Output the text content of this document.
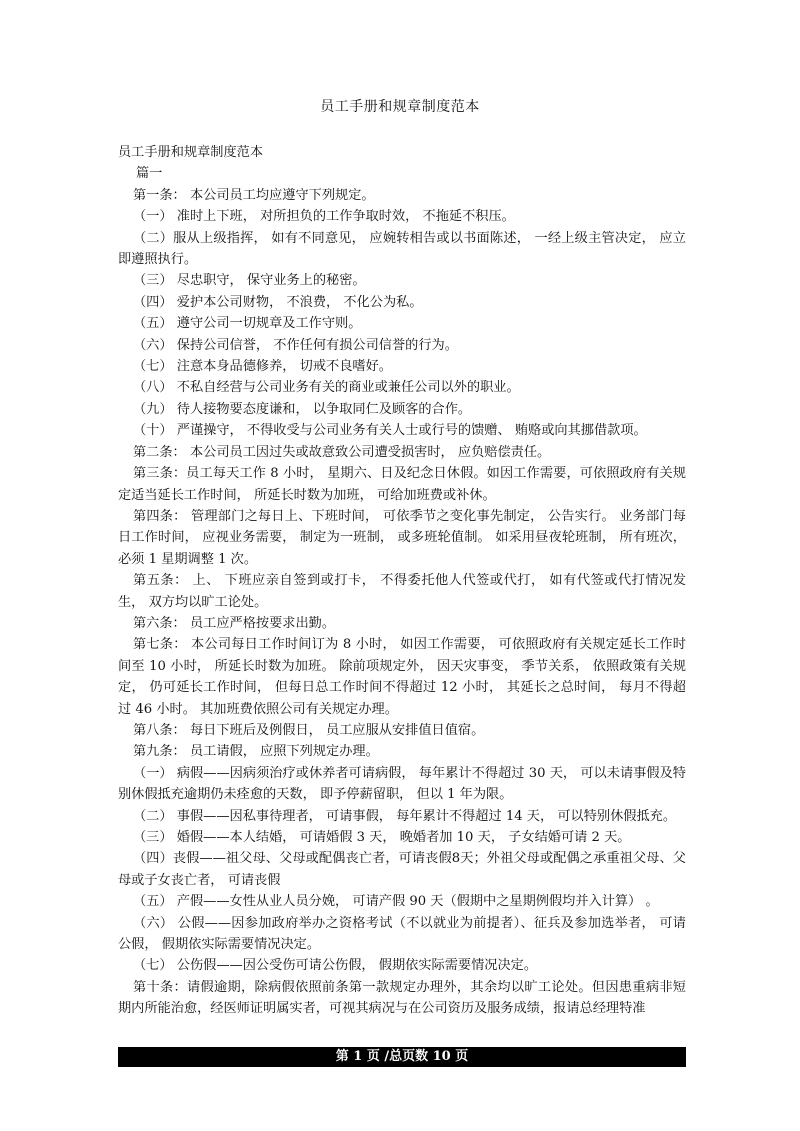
员工手册和规章制度范本

员工手册和规章制度范本

篇一

第一条： 本公司员工均应遵守下列规定。

（一） 准时上下班， 对所担负的工作争取时效， 不拖延不积压。

（二）服从上级指挥， 如有不同意见， 应婉转相告或以书面陈述， 一经上级主管决定， 应立即遵照执行。

（三） 尽忠职守， 保守业务上的秘密。

（四） 爱护本公司财物， 不浪费， 不化公为私。

（五） 遵守公司一切规章及工作守则。

（六） 保持公司信誉， 不作任何有损公司信誉的行为。

（七） 注意本身品德修养， 切戒不良嗜好。

（八） 不私自经营与公司业务有关的商业或兼任公司以外的职业。

（九） 待人接物要态度谦和， 以争取同仁及顾客的合作。

（十） 严谨操守， 不得收受与公司业务有关人士或行号的馈赠、 贿赂或向其挪借款项。

第二条： 本公司员工因过失或故意致公司遭受损害时， 应负赔偿责任。

第三条：员工每天工作 8 小时， 星期六、日及纪念日休假。如因工作需要，可依照政府有关规定适当延长工作时间， 所延长时数为加班， 可给加班费或补休。

第四条： 管理部门之每日上、下班时间， 可依季节之变化事先制定， 公告实行。 业务部门每日工作时间， 应视业务需要， 制定为一班制， 或多班轮值制。 如采用昼夜轮班制， 所有班次， 必须 1 星期调整 1 次。

第五条： 上、 下班应亲自签到或打卡， 不得委托他人代签或代打， 如有代签或代打情况发生， 双方均以旷工论处。

第六条： 员工应严格按要求出勤。

第七条： 本公司每日工作时间订为 8 小时， 如因工作需要， 可依照政府有关规定延长工作时间至 10 小时， 所延长时数为加班。 除前项规定外， 因天灾事变， 季节关系， 依照政策有关规定， 仍可延长工作时间， 但每日总工作时间不得超过 12 小时， 其延长之总时间， 每月不得超过 46 小时。 其加班费依照公司有关规定办理。

第八条： 每日下班后及例假日， 员工应服从安排值日值宿。

第九条： 员工请假， 应照下列规定办理。

（一） 病假——因病须治疗或休养者可请病假， 每年累计不得超过 30 天， 可以未请事假及特别休假抵充逾期仍未痊愈的天数， 即予停薪留职， 但以 1 年为限。

（二） 事假——因私事待理者， 可请事假， 每年累计不得超过 14 天， 可以特别休假抵充。

（三） 婚假——本人结婚， 可请婚假 3 天， 晚婚者加 10 天， 子女结婚可请 2 天。

（四）丧假——祖父母、父母或配偶丧亡者，可请丧假8天；外祖父母或配偶之承重祖父母、父母或子女丧亡者， 可请丧假

（五） 产假——女性从业人员分娩， 可请产假 90 天（假期中之星期例假均并入计算） 。

（六） 公假——因参加政府举办之资格考试（不以就业为前提者）、征兵及参加选举者， 可请公假， 假期依实际需要情况决定。

（七） 公伤假——因公受伤可请公伤假， 假期依实际需要情况决定。

第十条：请假逾期，除病假依照前条第一款规定办理外，其余均以旷工论处。但因患重病非短期内所能治愈，经医师证明属实者，可视其病况与在公司资历及服务成绩，报请总经理特准

第 1 页 /总页数 10 页
